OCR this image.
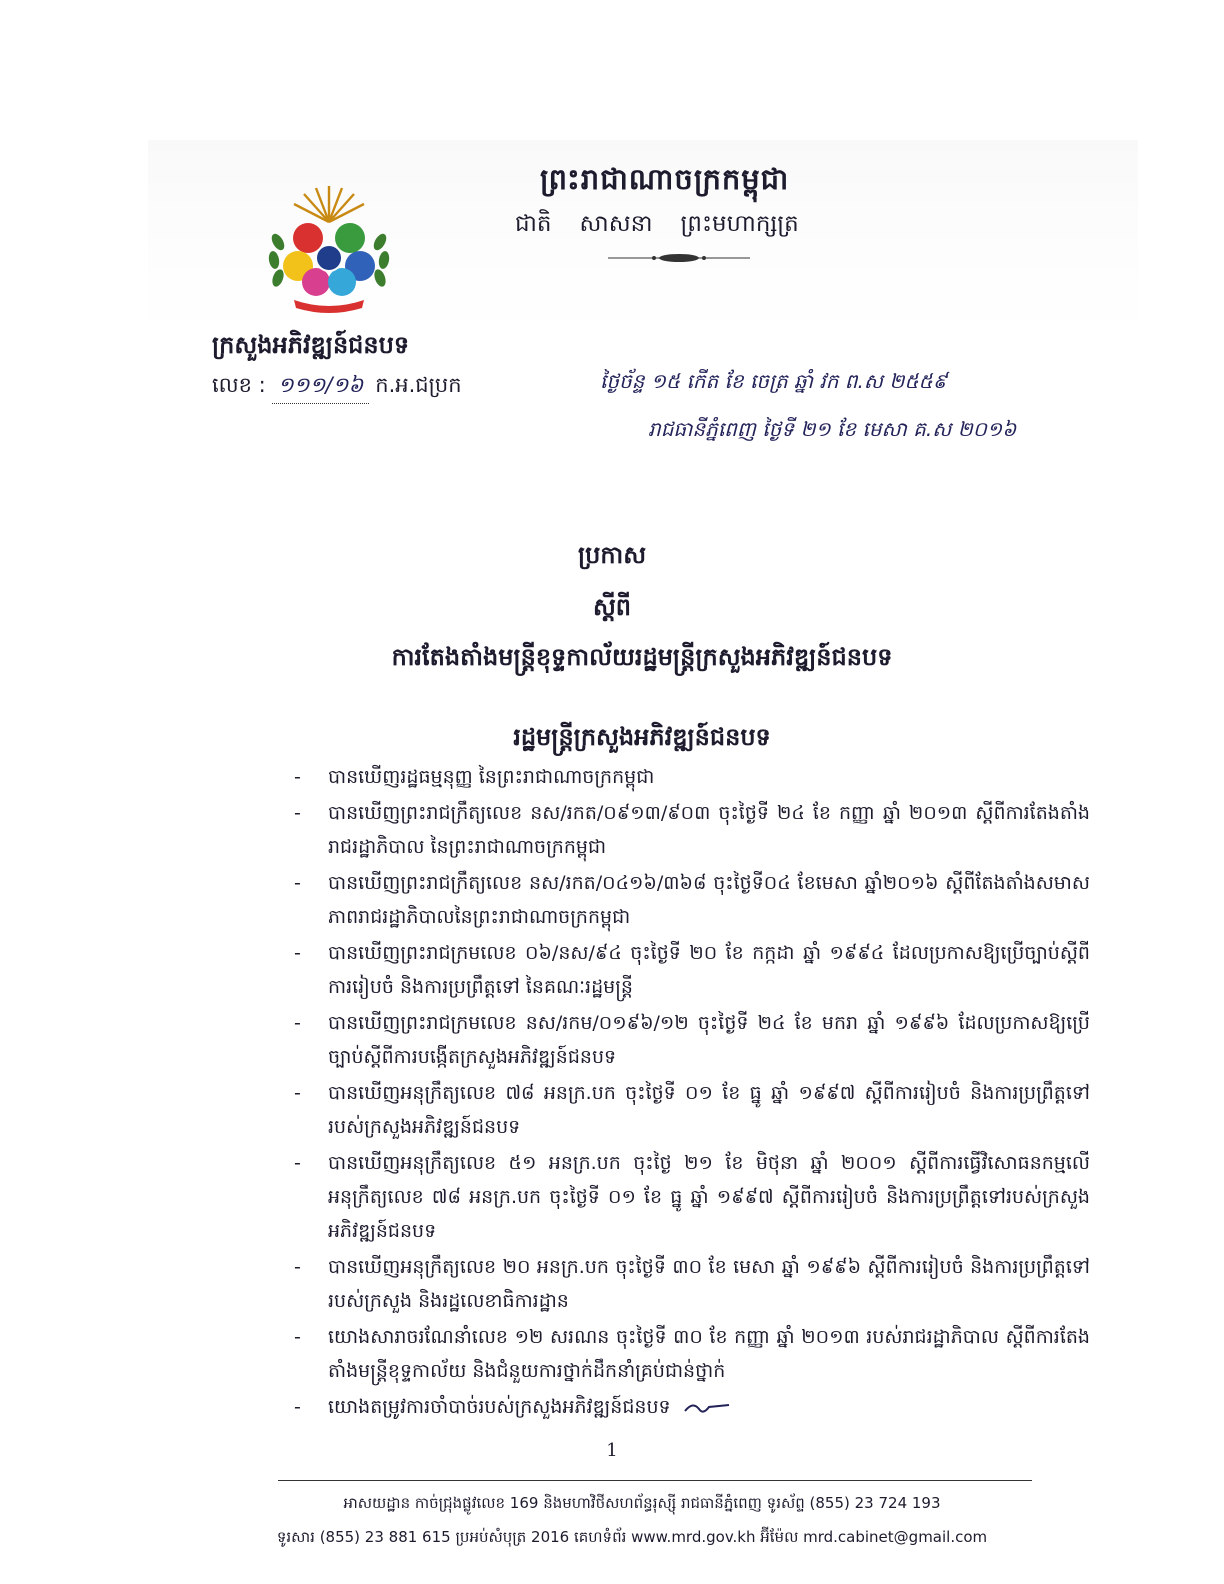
ព្រះរាជាណាចក្រកម្ពុជា
ជាតិ សាសនា ព្រះមហាក្សត្រ
ក្រសួងអភិវឌ្ឍន៍ជនបទ
លេខ : ១១១/១៦ ក.អ.ជប្រក	ថ្ងៃច័ន្ទ ១៥ កើត ខែ ចេត្រ ឆ្នាំ វក ព.ស ២៥៥៩
រាជធានីភ្នំពេញ ថ្ងៃទី ២១ ខែ មេសា គ.ស ២០១៦
ប្រកាស
ស្តីពី
ការតែងតាំងមន្ត្រីខុទ្ទកាល័យរដ្ឋមន្ត្រីក្រសួងអភិវឌ្ឍន៍ជនបទ
រដ្ឋមន្ត្រីក្រសួងអភិវឌ្ឍន៍ជនបទ
- បានឃើញរដ្ឋធម្មនុញ្ញ នៃព្រះរាជាណាចក្រកម្ពុជា
- បានឃើញព្រះរាជក្រឹត្យលេខ នស/រកត/០៩១៣/៩០៣ ចុះថ្ងៃទី ២៤ ខែ កញ្ញា ឆ្នាំ ២០១៣ ស្តីពីការតែងតាំងរាជរដ្ឋាភិបាល នៃព្រះរាជាណាចក្រកម្ពុជា
- បានឃើញព្រះរាជក្រឹត្យលេខ នស/រកត/០៤១៦/៣៦៨ ចុះថ្ងៃទី០៤ ខែមេសា ឆ្នាំ២០១៦ ស្តីពីតែងតាំងសមាសភាពរាជរដ្ឋាភិបាលនៃព្រះរាជាណាចក្រកម្ពុជា
- បានឃើញព្រះរាជក្រមលេខ ០៦/នស/៩៤ ចុះថ្ងៃទី ២០ ខែ កក្កដា ឆ្នាំ ១៩៩៤ ដែលប្រកាសឱ្យប្រើច្បាប់ស្តីពីការរៀបចំ និងការប្រព្រឹត្តទៅ នៃគណៈរដ្ឋមន្ត្រី
- បានឃើញព្រះរាជក្រមលេខ នស/រកម/០១៩៦/១២ ចុះថ្ងៃទី ២៤ ខែ មករា ឆ្នាំ ១៩៩៦ ដែលប្រកាសឱ្យប្រើច្បាប់ស្តីពីការបង្កើតក្រសួងអភិវឌ្ឍន៍ជនបទ
- បានឃើញអនុក្រឹត្យលេខ ៧៨ អនក្រ.បក ចុះថ្ងៃទី ០១ ខែ ធ្នូ ឆ្នាំ ១៩៩៧ ស្តីពីការរៀបចំ និងការប្រព្រឹត្តទៅរបស់ក្រសួងអភិវឌ្ឍន៍ជនបទ
- បានឃើញអនុក្រឹត្យលេខ ៥១ អនក្រ.បក ចុះថ្ងៃ ២១ ខែ មិថុនា ឆ្នាំ ២០០១ ស្តីពីការធ្វើវិសោធនកម្មលើអនុក្រឹត្យលេខ ៧៨ អនក្រ.បក ចុះថ្ងៃទី ០១ ខែ ធ្នូ ឆ្នាំ ១៩៩៧ ស្តីពីការរៀបចំ និងការប្រព្រឹត្តទៅរបស់ក្រសួងអភិវឌ្ឍន៍ជនបទ
- បានឃើញអនុក្រឹត្យលេខ ២០ អនក្រ.បក ចុះថ្ងៃទី ៣០ ខែ មេសា ឆ្នាំ ១៩៩៦ ស្តីពីការរៀបចំ និងការប្រព្រឹត្តទៅរបស់ក្រសួង និងរដ្ឋលេខាធិការដ្ឋាន
- យោងសារាចរណែនាំលេខ ១២ សរណន ចុះថ្ងៃទី ៣០ ខែ កញ្ញា ឆ្នាំ ២០១៣ របស់រាជរដ្ឋាភិបាល ស្តីពីការតែងតាំងមន្ត្រីខុទ្ទកាល័យ និងជំនួយការថ្នាក់ដឹកនាំគ្រប់ជាន់ថ្នាក់
- យោងតម្រូវការចាំបាច់របស់ក្រសួងអភិវឌ្ឍន៍ជនបទ
1
អាសយដ្ឋាន កាច់ជ្រុងផ្លូវលេខ 169 និងមហាវិថីសហព័ន្ធរុស្ស៊ី រាជធានីភ្នំពេញ ទូរស័ព្ទ (855) 23 724 193
ទូរសារ (855) 23 881 615 ប្រអប់សំបុត្រ 2016 គេហទំព័រ www.mrd.gov.kh អ៊ីម៉ែល mrd.cabinet@gmail.com
